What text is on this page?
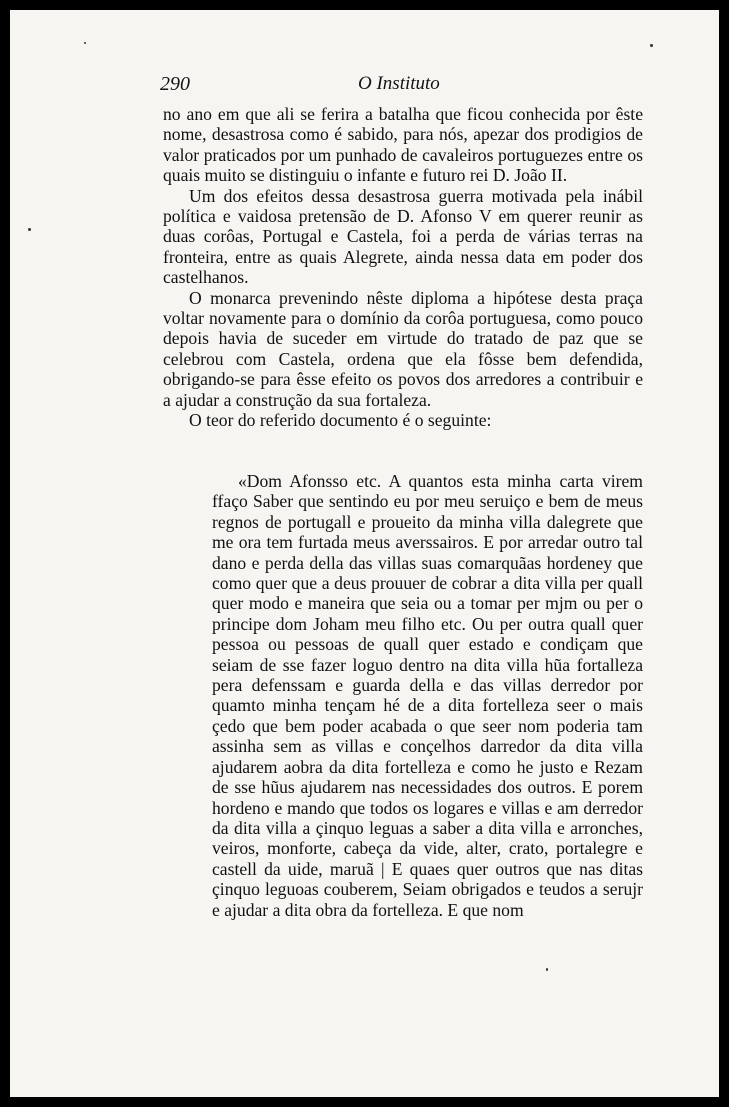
290	O Instituto

no ano em que ali se ferira a batalha que ficou conhecida por êste nome, desastrosa como é sabido, para nós, apezar dos prodigios de valor praticados por um punhado de cavaleiros portuguezes entre os quais muito se distinguiu o infante e futuro rei D. João II.

Um dos efeitos dessa desastrosa guerra motivada pela inábil política e vaidosa pretensão de D. Afonso V em querer reunir as duas corôas, Portugal e Castela, foi a perda de várias terras na fronteira, entre as quais Alegrete, ainda nessa data em poder dos castelhanos.

O monarca prevenindo nêste diploma a hipótese desta praça voltar novamente para o domínio da corôa portuguesa, como pouco depois havia de suceder em virtude do tratado de paz que se celebrou com Castela, ordena que ela fôsse bem defendida, obrigando-se para êsse efeito os povos dos arredores a contribuir e a ajudar a construção da sua fortaleza.

O teor do referido documento é o seguinte:

«Dom Afonsso etc. A quantos esta minha carta virem ffaço Saber que sentindo eu por meu seruiço e bem de meus regnos de portugall e proueito da minha villa dalegrete que me ora tem furtada meus averssairos. E por arredar outro tal dano e perda della das villas suas comarquãas hordeney que como quer que a deus prouuer de cobrar a dita villa per quall quer modo e maneira que seia ou a tomar per mjm ou per o principe dom Joham meu filho etc. Ou per outra quall quer pessoa ou pessoas de quall quer estado e condiçam que seiam de sse fazer loguo dentro na dita villa hũa fortalleza pera defenssam e guarda della e das villas derredor por quamto minha tençam hé de a dita fortelleza seer o mais çedo que bem poder acabada o que seer nom poderia tam assinha sem as villas e conçelhos darredor da dita villa ajudarem aobra da dita fortelleza e como he justo e Rezam de sse hũus ajudarem nas necessidades dos outros. E porem hordeno e mando que todos os logares e villas e am derredor da dita villa a çinquo leguas a saber a dita villa e arronches, veiros, monforte, cabeça da vide, alter, crato, portalegre e castell da uide, maruã | E quaes quer outros que nas ditas çinquo leguoas couberem, Seiam obrigados e teudos a serujr e ajudar a dita obra da fortelleza. E que nom
